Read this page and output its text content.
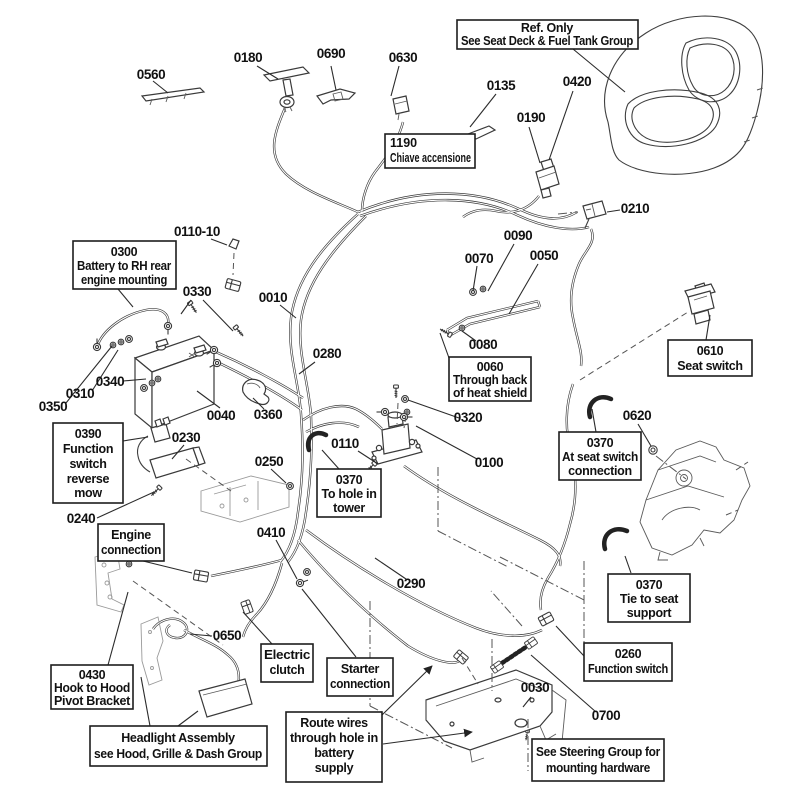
0560
0180	0690	0630
0135	0420
0190
0210
0110-10
0330	0010
0090
0070	0050
0080
0340
0310
0350
0040 0360
0280
0320
0110
0100
0620
0230
0250
0240
0410
0290
0650
0030
0700
Ref. Only
See Seat Deck & Fuel Tank Group
1190
Chiave accensione
0300
Battery to RH rear
engine mounting
0060
Through back
of heat shield
0610
Seat switch
0390
Function
switch
reverse
mow
0370
To hole in
tower
0370
At seat switch
connection
0370
Tie to seat
support
Engine
connection
Electric
clutch	Starter
connection
0260
Function switch
0430
Hook to Hood
Pivot Bracket
Headlight Assembly
see Hood, Grille & Dash Group
Route wires
through hole in
battery
supply
See Steering Group for
mounting hardware
